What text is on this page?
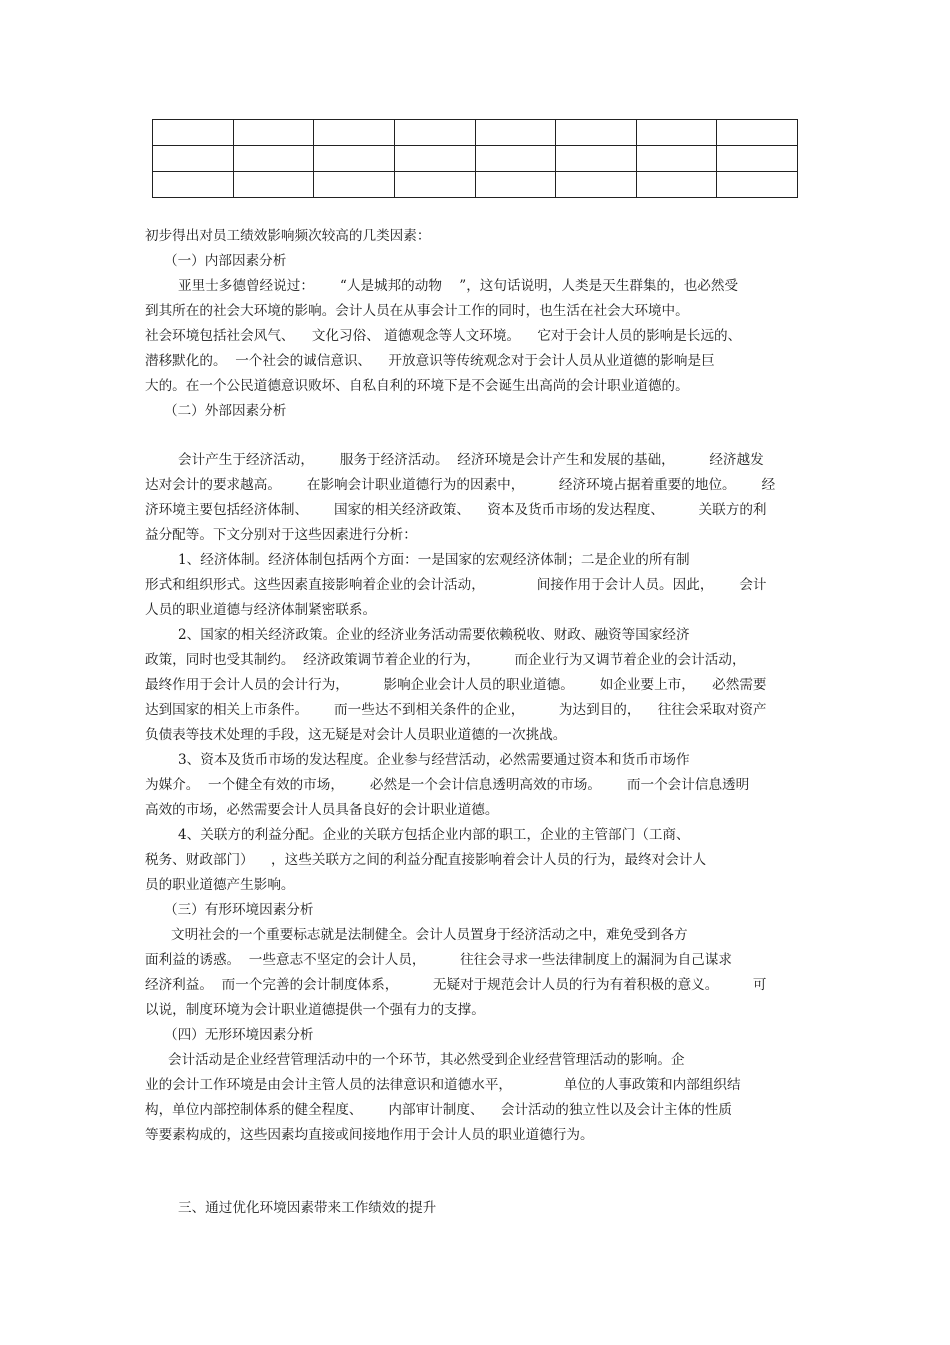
初步得出对员工绩效影响频次较高的几类因素：
（一）内部因素分析
亚里士多德曾经说过：      “人是城邦的动物    ”，这句话说明，人类是天生群集的，也必然受
到其所在的社会大环境的影响。会计人员在从事会计工作的同时，也生活在社会大环境中。
社会环境包括社会风气、    文化习俗、 道德观念等人文环境。    它对于会计人员的影响是长远的、
潜移默化的。  一个社会的诚信意识、    开放意识等传统观念对于会计人员从业道德的影响是巨
大的。在一个公民道德意识败坏、自私自利的环境下是不会诞生出高尚的会计职业道德的。
（二）外部因素分析
会计产生于经济活动，      服务于经济活动。  经济环境是会计产生和发展的基础，        经济越发
达对会计的要求越高。      在影响会计职业道德行为的因素中，        经济环境占据着重要的地位。      经
济环境主要包括经济体制、      国家的相关经济政策、    资本及货币市场的发达程度、        关联方的利
益分配等。下文分别对于这些因素进行分析：
1、经济体制。经济体制包括两个方面：一是国家的宏观经济体制；二是企业的所有制
形式和组织形式。这些因素直接影响着企业的会计活动，            间接作用于会计人员。因此，      会计
人员的职业道德与经济体制紧密联系。
2、国家的相关经济政策。企业的经济业务活动需要依赖税收、财政、融资等国家经济
政策，同时也受其制约。  经济政策调节着企业的行为，        而企业行为又调节着企业的会计活动，
最终作用于会计人员的会计行为，        影响企业会计人员的职业道德。      如企业要上市，    必然需要
达到国家的相关上市条件。      而一些达不到相关条件的企业，        为达到目的，    往往会采取对资产
负债表等技术处理的手段，这无疑是对会计人员职业道德的一次挑战。
3、资本及货币市场的发达程度。企业参与经营活动，必然需要通过资本和货币市场作
为媒介。  一个健全有效的市场，      必然是一个会计信息透明高效的市场。      而一个会计信息透明
高效的市场，必然需要会计人员具备良好的会计职业道德。
4、关联方的利益分配。企业的关联方包括企业内部的职工，企业的主管部门（工商、
税务、财政部门）    ，这些关联方之间的利益分配直接影响着会计人员的行为，最终对会计人
员的职业道德产生影响。
（三）有形环境因素分析
文明社会的一个重要标志就是法制健全。会计人员置身于经济活动之中，难免受到各方
面利益的诱惑。  一些意志不坚定的会计人员，        往往会寻求一些法律制度上的漏洞为自己谋求
经济利益。  而一个完善的会计制度体系，        无疑对于规范会计人员的行为有着积极的意义。        可
以说，制度环境为会计职业道德提供一个强有力的支撑。
（四）无形环境因素分析
会计活动是企业经营管理活动中的一个环节，其必然受到企业经营管理活动的影响。企
业的会计工作环境是由会计主管人员的法律意识和道德水平，            单位的人事政策和内部组织结
构，单位内部控制体系的健全程度、      内部审计制度、    会计活动的独立性以及会计主体的性质
等要素构成的，这些因素均直接或间接地作用于会计人员的职业道德行为。
三、通过优化环境因素带来工作绩效的提升
